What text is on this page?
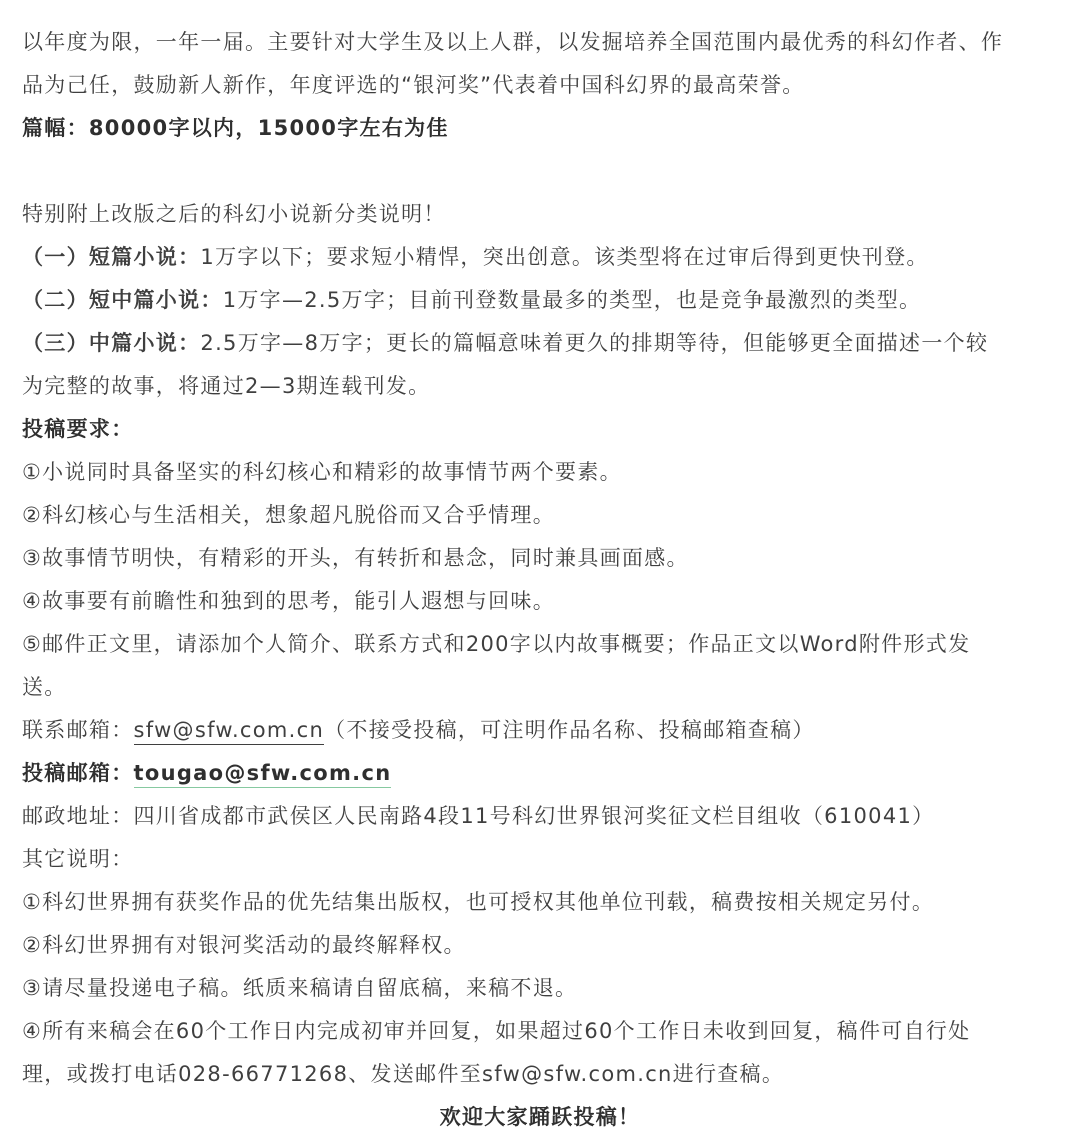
以年度为限，一年一届。主要针对大学生及以上人群，以发掘培养全国范围内最优秀的科幻作者、作
品为己任，鼓励新人新作，年度评选的“银河奖”代表着中国科幻界的最高荣誉。
篇幅：80000字以内，15000字左右为佳
特别附上改版之后的科幻小说新分类说明！
（一）短篇小说：1万字以下；要求短小精悍，突出创意。该类型将在过审后得到更快刊登。
（二）短中篇小说：1万字—2.5万字；目前刊登数量最多的类型，也是竞争最激烈的类型。
（三）中篇小说：2.5万字—8万字；更长的篇幅意味着更久的排期等待，但能够更全面描述一个较
为完整的故事，将通过2—3期连载刊发。
投稿要求：
①小说同时具备坚实的科幻核心和精彩的故事情节两个要素。
②科幻核心与生活相关，想象超凡脱俗而又合乎情理。
③故事情节明快，有精彩的开头，有转折和悬念，同时兼具画面感。
④故事要有前瞻性和独到的思考，能引人遐想与回味。
⑤邮件正文里，请添加个人简介、联系方式和200字以内故事概要；作品正文以Word附件形式发
送。
联系邮箱：sfw@sfw.com.cn（不接受投稿，可注明作品名称、投稿邮箱查稿）
投稿邮箱：tougao@sfw.com.cn
邮政地址：四川省成都市武侯区人民南路4段11号科幻世界银河奖征文栏目组收（610041）
其它说明：
①科幻世界拥有获奖作品的优先结集出版权，也可授权其他单位刊载，稿费按相关规定另付。
②科幻世界拥有对银河奖活动的最终解释权。
③请尽量投递电子稿。纸质来稿请自留底稿，来稿不退。
④所有来稿会在60个工作日内完成初审并回复，如果超过60个工作日未收到回复，稿件可自行处
理，或拨打电话028-66771268、发送邮件至sfw@sfw.com.cn进行查稿。
欢迎大家踊跃投稿！
